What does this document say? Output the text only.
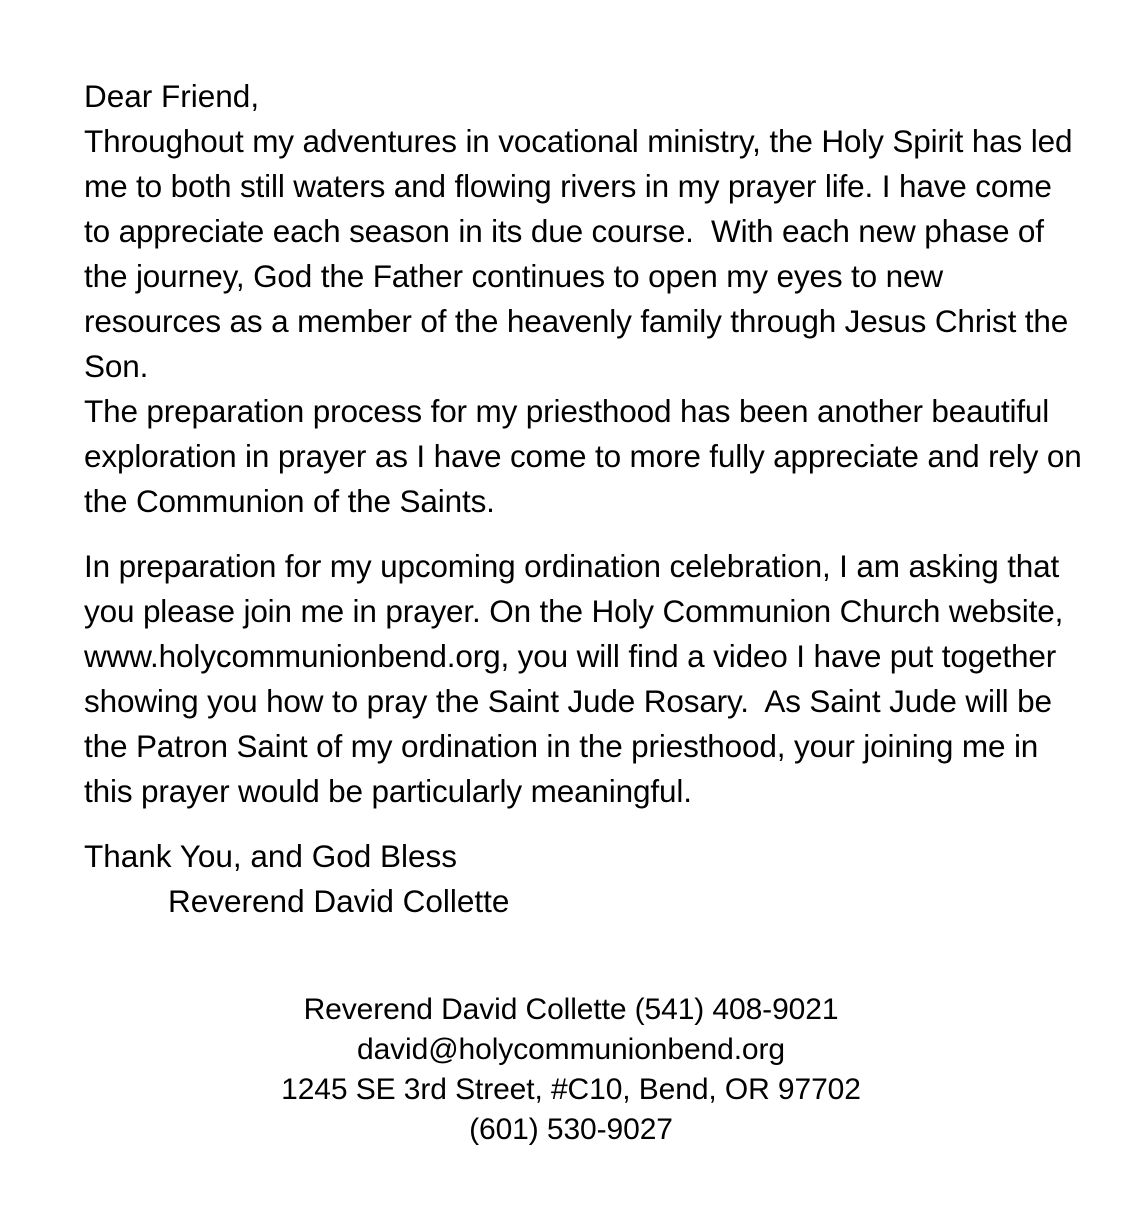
Dear Friend,

Throughout my adventures in vocational ministry, the Holy Spirit has led me to both still waters and flowing rivers in my prayer life. I have come to appreciate each season in its due course.  With each new phase of the journey, God the Father continues to open my eyes to new resources as a member of the heavenly family through Jesus Christ the Son.

The preparation process for my priesthood has been another beautiful exploration in prayer as I have come to more fully appreciate and rely on the Communion of the Saints.

In preparation for my upcoming ordination celebration, I am asking that you please join me in prayer. On the Holy Communion Church website, www.holycommunionbend.org, you will find a video I have put together showing you how to pray the Saint Jude Rosary.  As Saint Jude will be the Patron Saint of my ordination in the priesthood, your joining me in this prayer would be particularly meaningful.

Thank You, and God Bless

Reverend David Collette

Reverend David Collette (541) 408-9021

david@holycommunionbend.org

1245 SE 3rd Street, #C10, Bend, OR 97702

(601) 530-9027
